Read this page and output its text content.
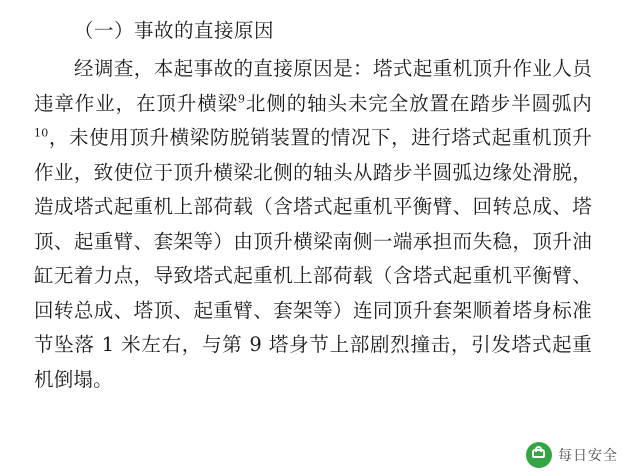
（一）事故的直接原因
经调查，本起事故的直接原因是：塔式起重机顶升作业人员违章作业，在顶升横梁$^9$北侧的轴头未完全放置在踏步半圆弧内$^{10}$，未使用顶升横梁防脱销装置的情况下，进行塔式起重机顶升作业，致使位于顶升横梁北侧的轴头从踏步半圆弧边缘处滑脱，造成塔式起重机上部荷载（含塔式起重机平衡臂、回转总成、塔顶、起重臂、套架等）由顶升横梁南侧一端承担而失稳，顶升油缸无着力点，导致塔式起重机上部荷载（含塔式起重机平衡臂、回转总成、塔顶、起重臂、套架等）连同顶升套架顺着塔身标准节坠落 1 米左右，与第 9 塔身节上部剧烈撞击，引发塔式起重机倒塌。
每日安全
